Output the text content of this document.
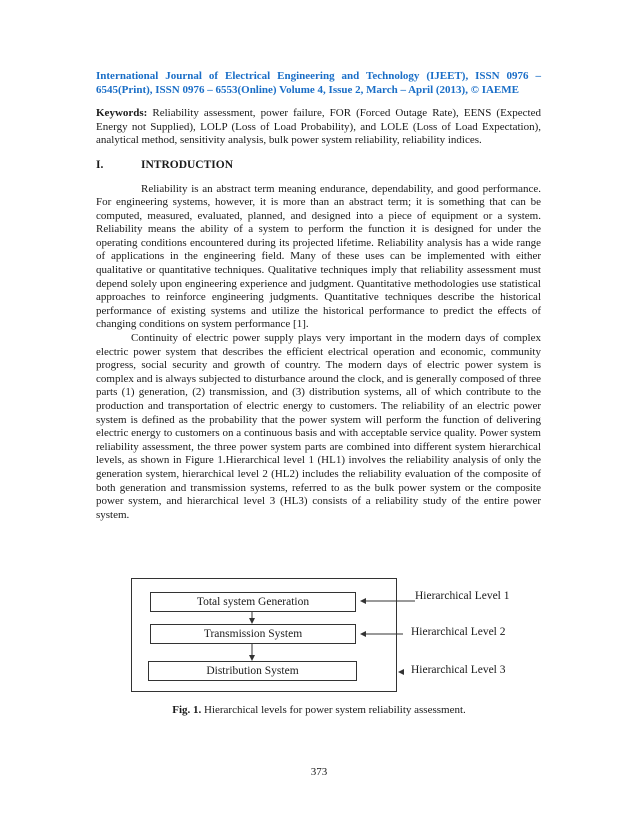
International Journal of Electrical Engineering and Technology (IJEET), ISSN 0976 – 6545(Print), ISSN 0976 – 6553(Online) Volume 4, Issue 2, March – April (2013), © IAEME
Keywords: Reliability assessment, power failure, FOR (Forced Outage Rate), EENS (Expected Energy not Supplied), LOLP (Loss of Load Probability), and LOLE (Loss of Load Expectation), analytical method, sensitivity analysis, bulk power system reliability, reliability indices.
I.	INTRODUCTION

Reliability is an abstract term meaning endurance, dependability, and good performance. For engineering systems, however, it is more than an abstract term; it is something that can be computed, measured, evaluated, planned, and designed into a piece of equipment or a system. Reliability means the ability of a system to perform the function it is designed for under the operating conditions encountered during its projected lifetime. Reliability analysis has a wide range of applications in the engineering field. Many of these uses can be implemented with either qualitative or quantitative techniques. Qualitative techniques imply that reliability assessment must depend solely upon engineering experience and judgment. Quantitative methodologies use statistical approaches to reinforce engineering judgments. Quantitative techniques describe the historical performance of existing systems and utilize the historical performance to predict the effects of changing conditions on system performance [1].

Continuity of electric power supply plays very important in the modern days of complex electric power system that describes the efficient electrical operation and economic, community progress, social security and growth of country. The modern days of electric power system is complex and is always subjected to disturbance around the clock, and is generally composed of three parts (1) generation, (2) transmission, and (3) distribution systems, all of which contribute to the production and transportation of electric energy to customers. The reliability of an electric power system is defined as the probability that the power system will perform the function of delivering electric energy to customers on a continuous basis and with acceptable service quality. Power system reliability assessment, the three power system parts are combined into different system hierarchical levels, as shown in Figure 1.Hierarchical level 1 (HL1) involves the reliability analysis of only the generation system, hierarchical level 2 (HL2) includes the reliability evaluation of the composite of both generation and transmission systems, referred to as the bulk power system or the composite power system, and hierarchical level 3 (HL3) consists of a reliability study of the entire power system.

Total system Generation
Transmission System
Distribution System
Hierarchical Level 1
Hierarchical Level 2
Hierarchical Level 3
Fig. 1. Hierarchical levels for power system reliability assessment.
373
